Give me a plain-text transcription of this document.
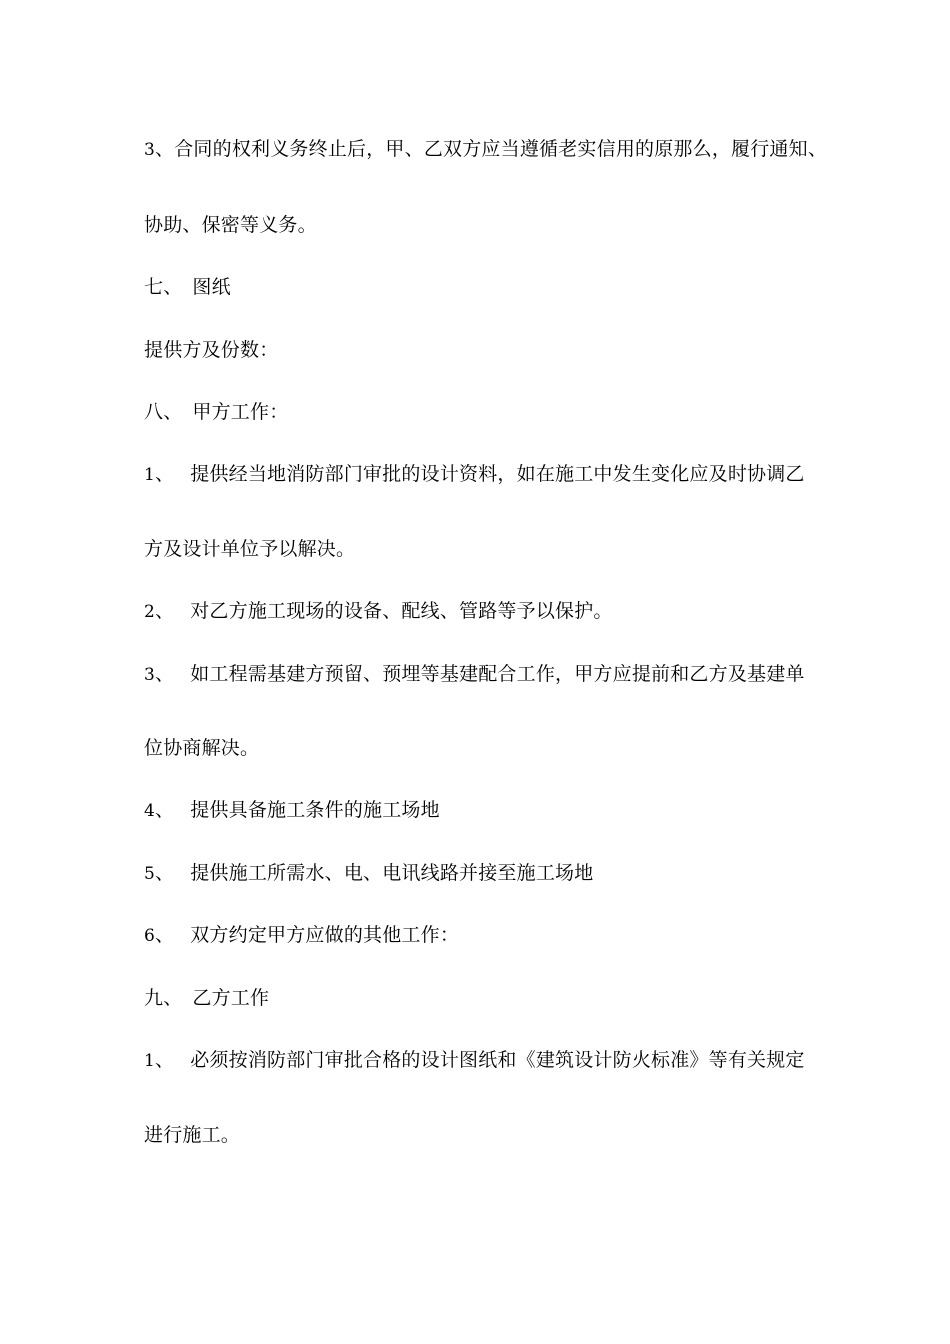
3、合同的权利义务终止后，甲、乙双方应当遵循老实信用的原那么，履行通知、
协助、保密等义务。
七、 图纸
提供方及份数：
八、 甲方工作：
1、 提供经当地消防部门审批的设计资料，如在施工中发生变化应及时协调乙
方及设计单位予以解决。
2、 对乙方施工现场的设备、配线、管路等予以保护。
3、 如工程需基建方预留、预埋等基建配合工作，甲方应提前和乙方及基建单
位协商解决。
4、 提供具备施工条件的施工场地
5、 提供施工所需水、电、电讯线路并接至施工场地
6、 双方约定甲方应做的其他工作：
九、 乙方工作
1、 必须按消防部门审批合格的设计图纸和《建筑设计防火标准》等有关规定
进行施工。
